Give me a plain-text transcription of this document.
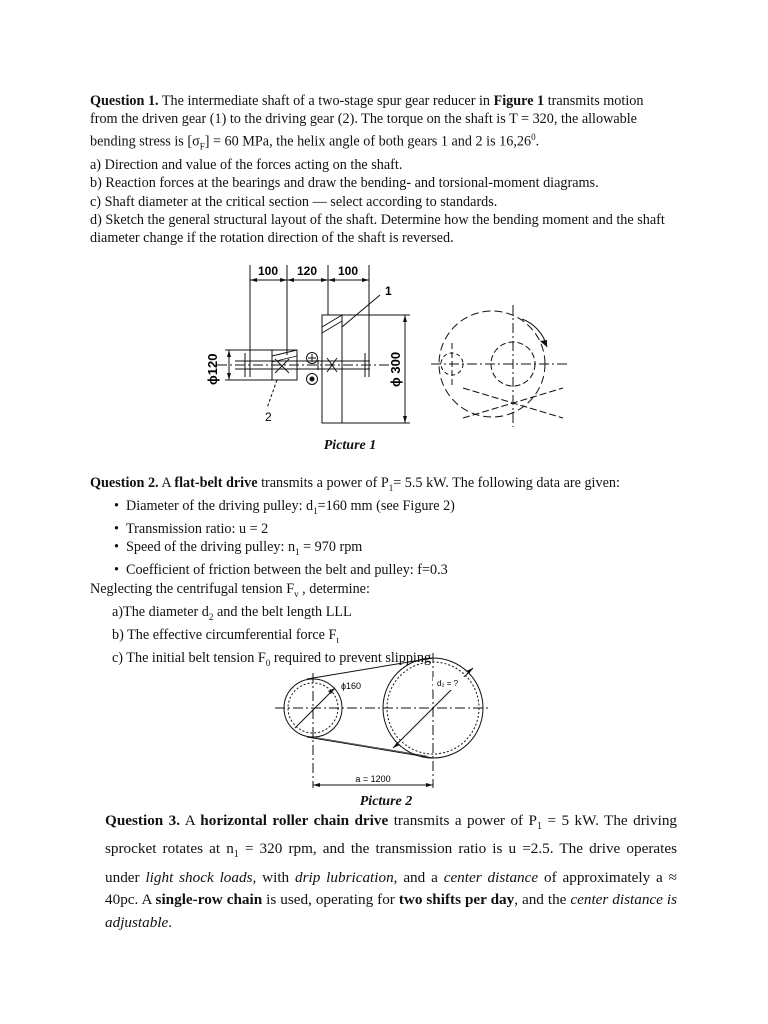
Question 1. The intermediate shaft of a two-stage spur gear reducer in Figure 1 transmits motion from the driven gear (1) to the driving gear (2). The torque on the shaft is T = 320, the allowable bending stress is $[\sigma_F] = 60$ MPa, the helix angle of both gears 1 and 2 is 16,26$^0$.

a) Direction and value of the forces acting on the shaft.

b) Reaction forces at the bearings and draw the bending- and torsional-moment diagrams.

c) Shaft diameter at the critical section — select according to standards.

d) Sketch the general structural layout of the shaft. Determine how the bending moment and the shaft diameter change if the rotation direction of the shaft is reversed.

100 120 100
1
2
ϕ120	ϕ 300
Picture 1

Question 2. A flat-belt drive transmits a power of $P_1= 5.5$ kW. The following data are given:

• Diameter of the driving pulley: $d_1=160$ mm (see Figure 2)
• Transmission ratio: u = 2
• Speed of the driving pulley: $n_1 = 970$ rpm
• Coefficient of friction between the belt and pulley: f=0.3

Neglecting the centrifugal tension $F_v$ , determine:

a)The diameter $d_2$ and the belt length LLL
b) The effective circumferential force $F_t$
c) The initial belt tension $F_0$ required to prevent slipping
ϕ160	d₂ = ?
a = 1200
Picture 2

Question 3. A horizontal roller chain drive transmits a power of $P_1 = 5$ kW. The driving sprocket rotates at $n_1 = 320$ rpm, and the transmission ratio is u =2.5. The drive operates under light shock loads, with drip lubrication, and a center distance of approximately a ≈ 40pc. A single-row chain is used, operating for two shifts per day, and the center distance is adjustable.
